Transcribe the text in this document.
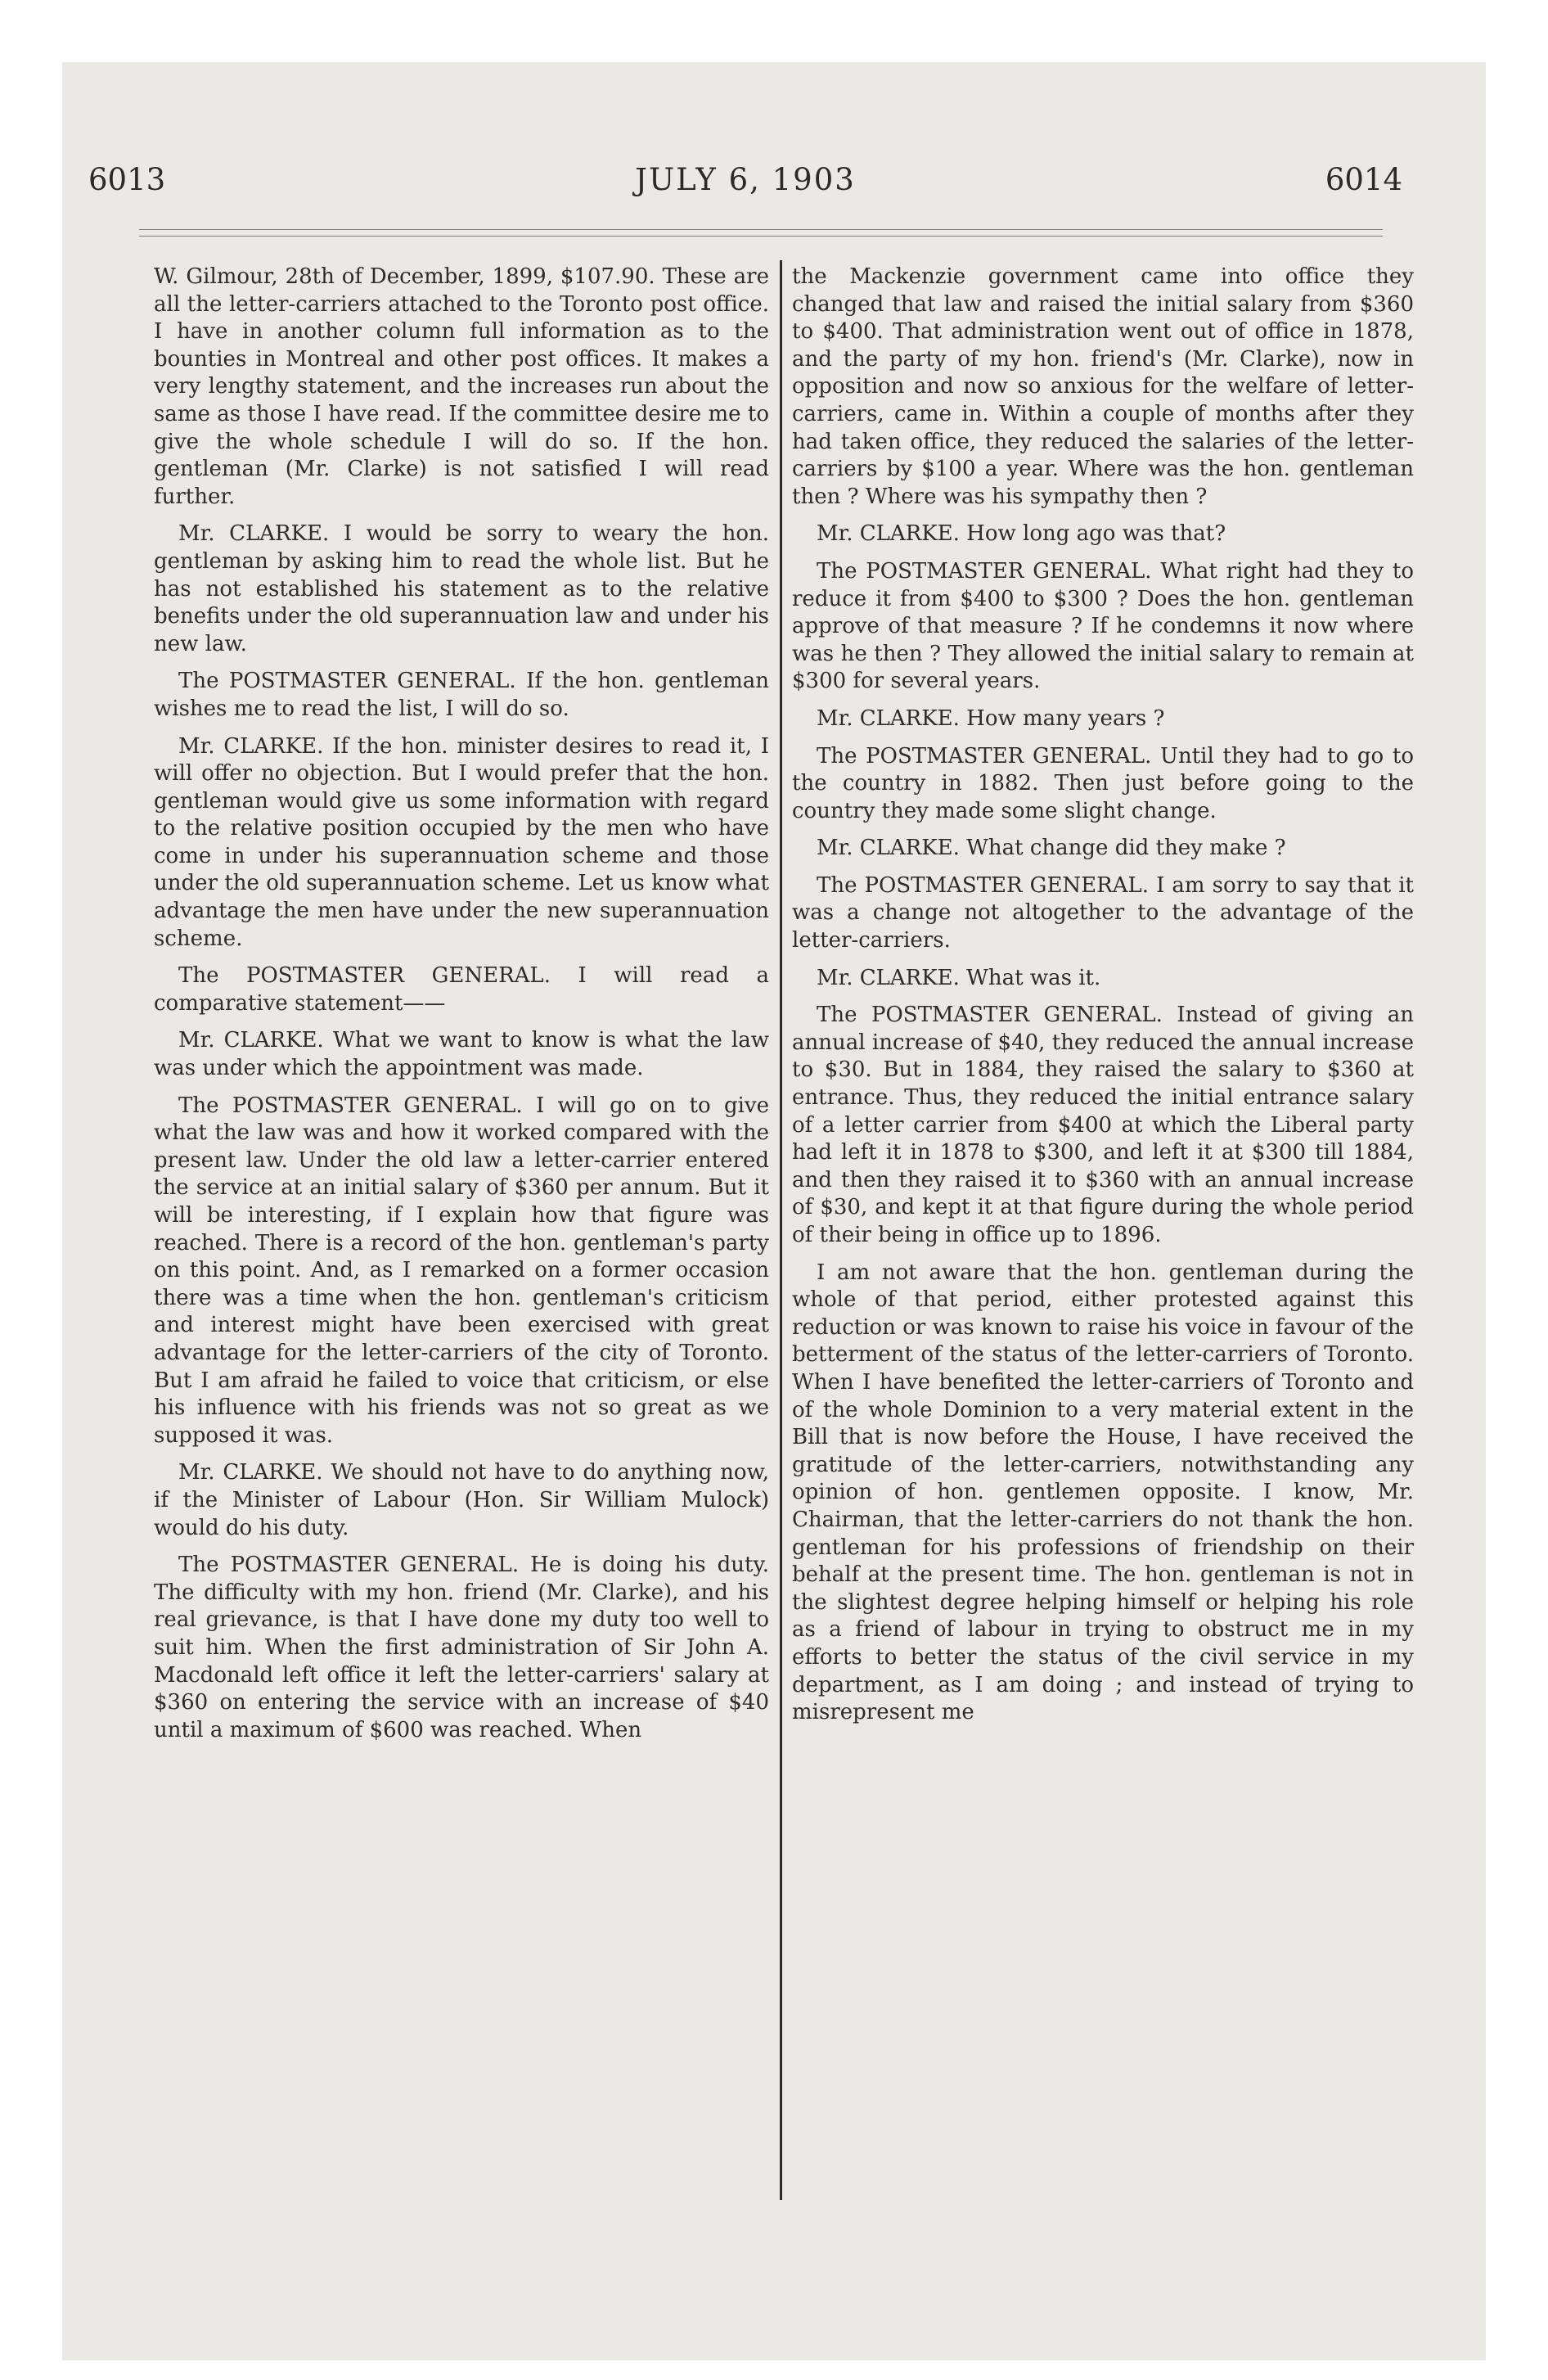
6013	JULY 6, 1903	6014

W. Gilmour, 28th of December, 1899, $107.90. These are all the letter-carriers attached to the Toronto post office. I have in another column full information as to the bounties in Montreal and other post offices. It makes a very lengthy statement, and the increases run about the same as those I have read. If the committee desire me to give the whole schedule I will do so. If the hon. gentleman (Mr. Clarke) is not satisfied I will read further.

Mr. CLARKE. I would be sorry to weary the hon. gentleman by asking him to read the whole list. But he has not established his statement as to the relative benefits under the old superannuation law and under his new law.

The POSTMASTER GENERAL. If the hon. gentleman wishes me to read the list, I will do so.

Mr. CLARKE. If the hon. minister desires to read it, I will offer no objection. But I would prefer that the hon. gentleman would give us some information with regard to the relative position occupied by the men who have come in under his superannuation scheme and those under the old superannuation scheme. Let us know what advantage the men have under the new superannuation scheme.

The POSTMASTER GENERAL. I will read a comparative statement——

Mr. CLARKE. What we want to know is what the law was under which the appointment was made.

The POSTMASTER GENERAL. I will go on to give what the law was and how it worked compared with the present law. Under the old law a letter-carrier entered the service at an initial salary of $360 per annum. But it will be interesting, if I explain how that figure was reached. There is a record of the hon. gentleman's party on this point. And, as I remarked on a former occasion there was a time when the hon. gentleman's criticism and interest might have been exercised with great advantage for the letter-carriers of the city of Toronto. But I am afraid he failed to voice that criticism, or else his influence with his friends was not so great as we supposed it was.

Mr. CLARKE. We should not have to do anything now, if the Minister of Labour (Hon. Sir William Mulock) would do his duty.

The POSTMASTER GENERAL. He is doing his duty. The difficulty with my hon. friend (Mr. Clarke), and his real grievance, is that I have done my duty too well to suit him. When the first administration of Sir John A. Macdonald left office it left the letter-carriers' salary at $360 on entering the service with an increase of $40 until a maximum of $600 was reached. When

the Mackenzie government came into office they changed that law and raised the initial salary from $360 to $400. That administration went out of office in 1878, and the party of my hon. friend's (Mr. Clarke), now in opposition and now so anxious for the welfare of letter-carriers, came in. Within a couple of months after they had taken office, they reduced the salaries of the letter-carriers by $100 a year. Where was the hon. gentleman then ? Where was his sympathy then ?

Mr. CLARKE. How long ago was that?

The POSTMASTER GENERAL. What right had they to reduce it from $400 to $300 ? Does the hon. gentleman approve of that measure ? If he condemns it now where was he then ? They allowed the initial salary to remain at $300 for several years.

Mr. CLARKE. How many years ?

The POSTMASTER GENERAL. Until they had to go to the country in 1882. Then just before going to the country they made some slight change.

Mr. CLARKE. What change did they make ?

The POSTMASTER GENERAL. I am sorry to say that it was a change not altogether to the advantage of the letter-carriers.

Mr. CLARKE. What was it.

The POSTMASTER GENERAL. Instead of giving an annual increase of $40, they reduced the annual increase to $30. But in 1884, they raised the salary to $360 at entrance. Thus, they reduced the initial entrance salary of a letter carrier from $400 at which the Liberal party had left it in 1878 to $300, and left it at $300 till 1884, and then they raised it to $360 with an annual increase of $30, and kept it at that figure during the whole period of their being in office up to 1896.

I am not aware that the hon. gentleman during the whole of that period, either protested against this reduction or was known to raise his voice in favour of the betterment of the status of the letter-carriers of Toronto. When I have benefited the letter-carriers of Toronto and of the whole Dominion to a very material extent in the Bill that is now before the House, I have received the gratitude of the letter-carriers, notwithstanding any opinion of hon. gentlemen opposite. I know, Mr. Chairman, that the letter-carriers do not thank the hon. gentleman for his professions of friendship on their behalf at the present time. The hon. gentleman is not in the slightest degree helping himself or helping his role as a friend of labour in trying to obstruct me in my efforts to better the status of the civil service in my department, as I am doing ; and instead of trying to misrepresent me
